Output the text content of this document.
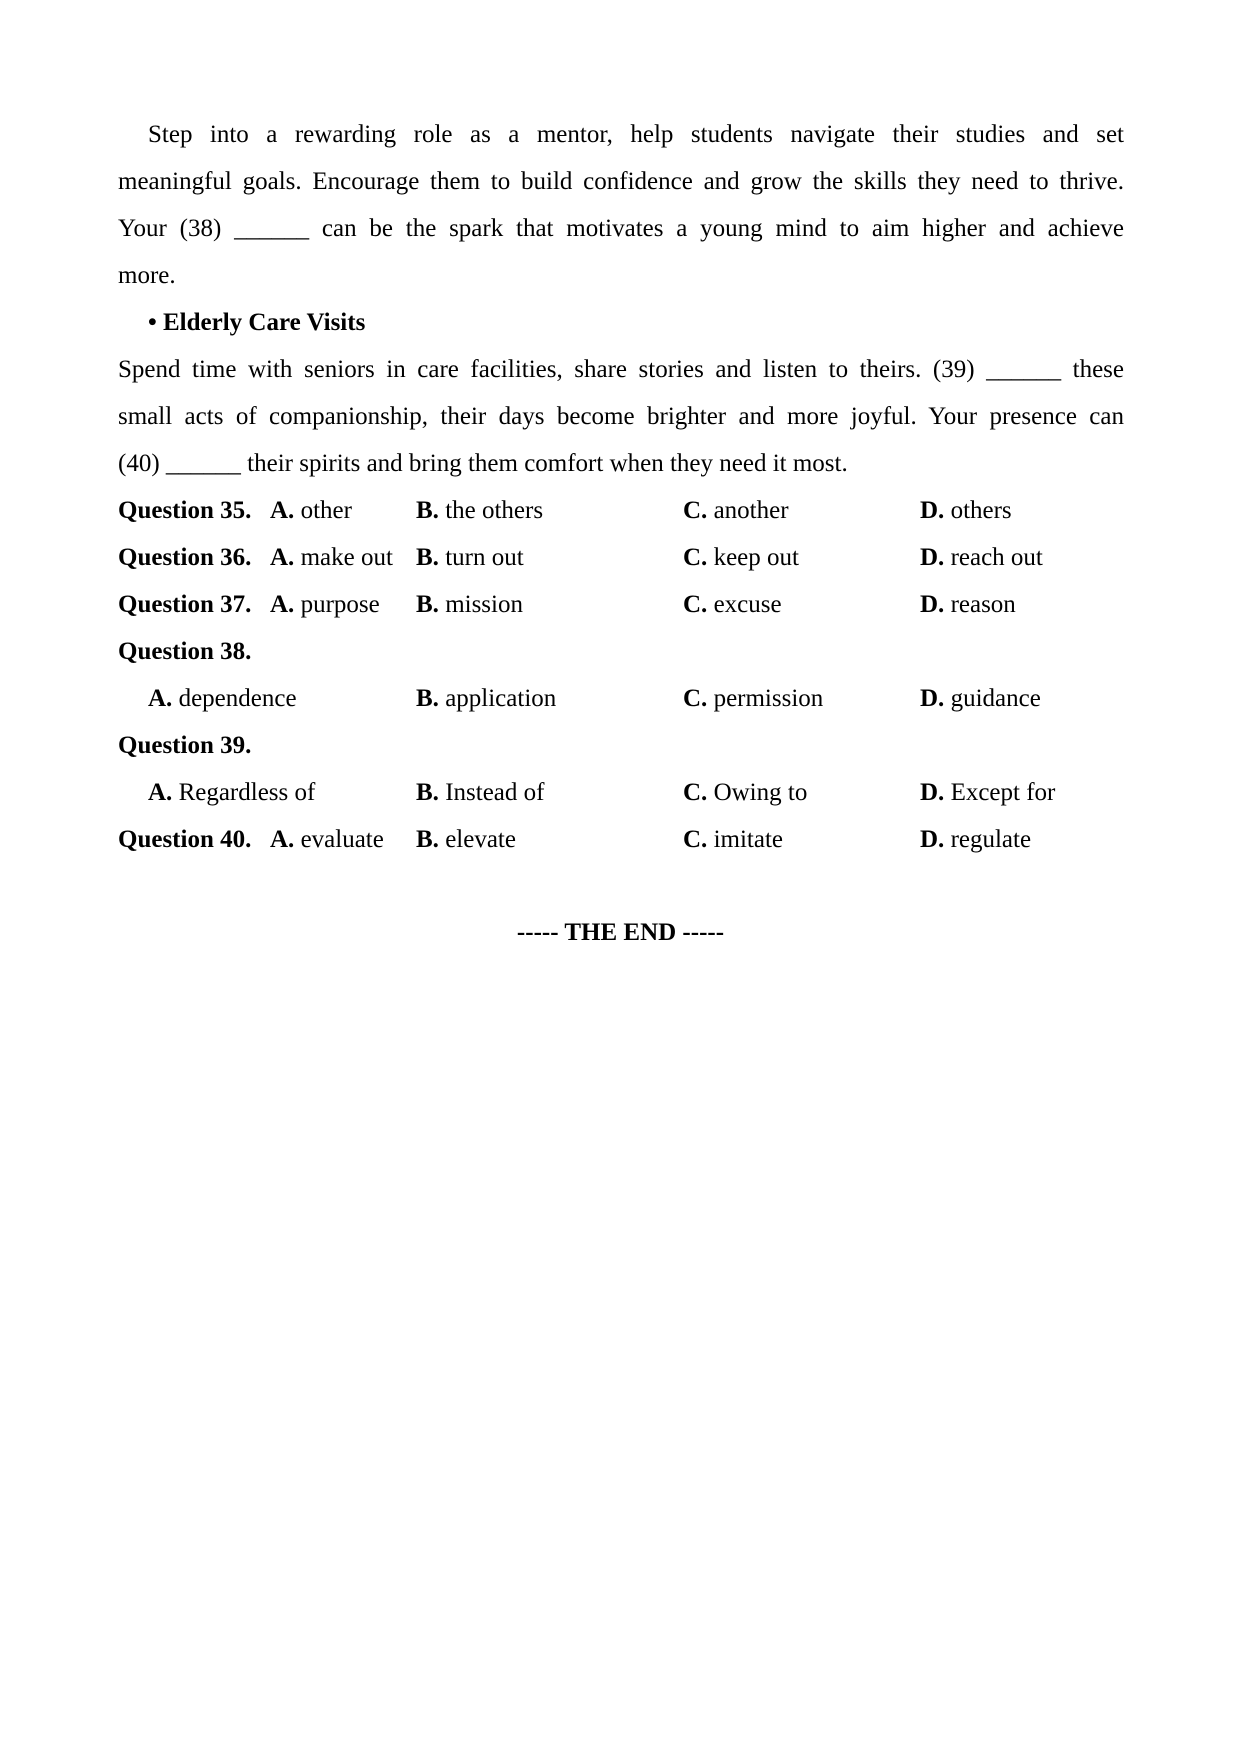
Step into a rewarding role as a mentor, help students navigate their studies and set
meaningful goals. Encourage them to build confidence and grow the skills they need to thrive.
Your (38) ______ can be the spark that motivates a young mind to aim higher and achieve
more.
• Elderly Care Visits
Spend time with seniors in care facilities, share stories and listen to theirs. (39) ______ these
small acts of companionship, their days become brighter and more joyful. Your presence can
(40) ______ their spirits and bring them comfort when they need it most.
Question 35. A. other	B. the others	C. another	D. others
Question 36. A. make out B. turn out	C. keep out	D. reach out
Question 37. A. purpose B. mission	C. excuse	D. reason
Question 38.
A. dependence	B. application	C. permission	D. guidance
Question 39.
A. Regardless of	B. Instead of	C. Owing to	D. Except for
Question 40. A. evaluate B. elevate	C. imitate	D. regulate
----- THE END -----
